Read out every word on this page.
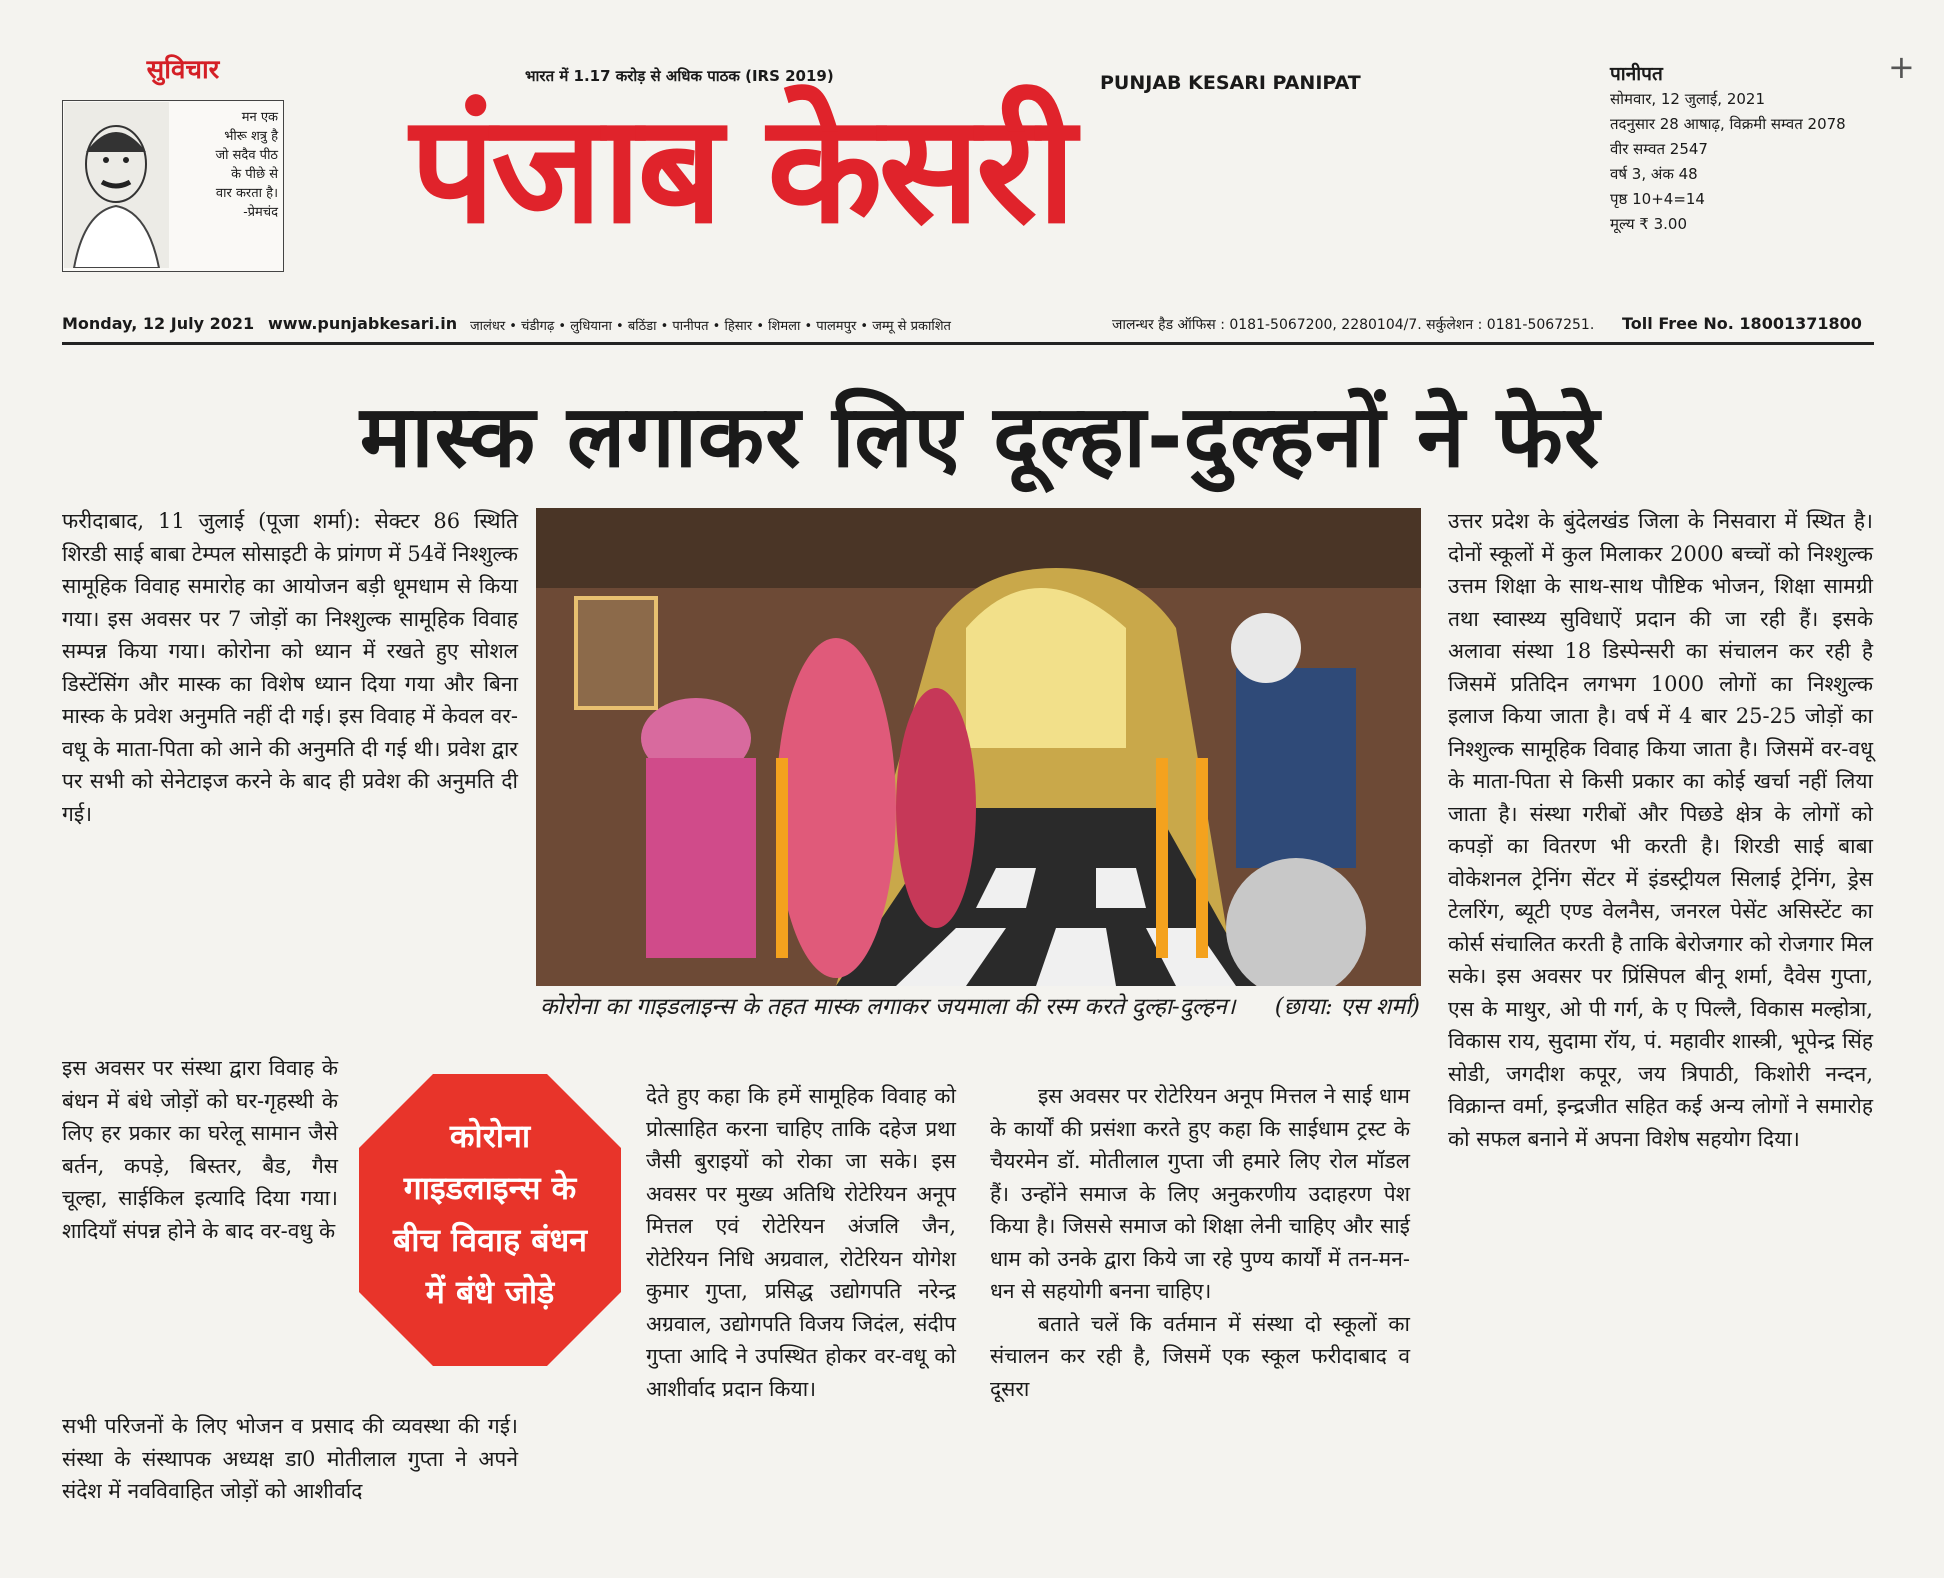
सुविचार
मन एक
भीरू शत्रु है
जो सदैव पीठ
के पीछे से
वार करता है।
-प्रेमचंद
भारत में 1.17 करोड़ से अधिक पाठक (IRS 2019)
पंजाब केसरी	PUNJAB KESARI PANIPAT	+
पानीपत
सोमवार, 12 जुलाई, 2021
तदनुसार 28 आषाढ़, विक्रमी सम्वत 2078
वीर सम्वत 2547
वर्ष 3, अंक 48
पृष्ठ 10+4=14
मूल्य ₹ 3.00
Monday, 12 July 2021 www.punjabkesari.in जालंधर • चंडीगढ़ • लुधियाना • बठिंडा • पानीपत • हिसार • शिमला • पालमपुर • जम्मू से प्रकाशित	जालन्धर हैड ऑफिस : 0181-5067200, 2280104/7. सर्कुलेशन : 0181-5067251. Toll Free No. 18001371800
मास्क लगाकर लिए दूल्हा-दुल्हनों ने फेरे

फरीदाबाद, 11 जुलाई (पूजा शर्मा): सेक्टर 86 स्थिति शिरडी साई बाबा टेम्पल सोसाइटी के प्रांगण में 54वें निश्शुल्क सामूहिक विवाह समारोह का आयोजन बड़ी धूमधाम से किया गया। इस अवसर पर 7 जोड़ों का निश्शुल्क सामूहिक विवाह सम्पन्न किया गया। कोरोना को ध्यान में रखते हुए सोशल डिस्टेंसिंग और मास्क का विशेष ध्यान दिया गया और बिना मास्क के प्रवेश अनुमति नहीं दी गई। इस विवाह में केवल वर-वधू के माता-पिता को आने की अनुमति दी गई थी। प्रवेश द्वार पर सभी को सेनेटाइज करने के बाद ही प्रवेश की अनुमति दी गई।

इस अवसर पर संस्था द्वारा विवाह के बंधन में बंधे जोड़ों को घर-गृहस्थी के लिए हर प्रकार का घरेलू सामान जैसे बर्तन, कपड़े, बिस्तर, बैड, गैस चूल्हा, साईकिल इत्यादि दिया गया। शादियाँ संपन्न होने के बाद वर-वधु के

सभी परिजनों के लिए भोजन व प्रसाद की व्यवस्था की गई। संस्था के संस्थापक अध्यक्ष डा0 मोतीलाल गुप्ता ने अपने संदेश में नवविवाहित जोड़ों को आशीर्वाद

कोरोना का गाइडलाइन्स के तहत मास्क लगाकर जयमाला की रस्म करते दुल्हा-दुल्हन। (छाया: एस शर्मा)
कोरोना
गाइडलाइन्स के
बीच विवाह बंधन
में बंधे जोड़े

देते हुए कहा कि हमें सामूहिक विवाह को प्रोत्साहित करना चाहिए ताकि दहेज प्रथा जैसी बुराइयों को रोका जा सके। इस अवसर पर मुख्य अतिथि रोटेरियन अनूप मित्तल एवं रोटेरियन अंजलि जैन, रोटेरियन निधि अग्रवाल, रोटेरियन योगेश कुमार गुप्ता, प्रसिद्ध उद्योगपति नरेन्द्र अग्रवाल, उद्योगपति विजय जिदंल, संदीप गुप्ता आदि ने उपस्थित होकर वर-वधू को आशीर्वाद प्रदान किया।

इस अवसर पर रोटेरियन अनूप मित्तल ने साई धाम के कार्यों की प्रसंशा करते हुए कहा कि साईधाम ट्रस्ट के चैयरमेन डॉ. मोतीलाल गुप्ता जी हमारे लिए रोल मॉडल हैं। उन्होंने समाज के लिए अनुकरणीय उदाहरण पेश किया है। जिससे समाज को शिक्षा लेनी चाहिए और साई धाम को उनके द्वारा किये जा रहे पुण्य कार्यों में तन-मन-धन से सहयोगी बनना चाहिए।

बताते चलें कि वर्तमान में संस्था दो स्कूलों का संचालन कर रही है, जिसमें एक स्कूल फरीदाबाद व दूसरा

उत्तर प्रदेश के बुंदेलखंड जिला के निसवारा में स्थित है। दोनों स्कूलों में कुल मिलाकर 2000 बच्चों को निश्शुल्क उत्तम शिक्षा के साथ-साथ पौष्टिक भोजन, शिक्षा सामग्री तथा स्वास्थ्य सुविधाऐं प्रदान की जा रही हैं। इसके अलावा संस्था 18 डिस्पेन्सरी का संचालन कर रही है जिसमें प्रतिदिन लगभग 1000 लोगों का निश्शुल्क इलाज किया जाता है। वर्ष में 4 बार 25-25 जोड़ों का निश्शुल्क सामूहिक विवाह किया जाता है। जिसमें वर-वधू के माता-पिता से किसी प्रकार का कोई खर्चा नहीं लिया जाता है। संस्था गरीबों और पिछडे क्षेत्र के लोगों को कपड़ों का वितरण भी करती है। शिरडी साई बाबा वोकेशनल ट्रेनिंग सेंटर में इंडस्ट्रीयल सिलाई ट्रेनिंग, ड्रेस टेलरिंग, ब्यूटी एण्ड वेलनैस, जनरल पेसेंट असिस्टेंट का कोर्स संचालित करती है ताकि बेरोजगार को रोजगार मिल सके। इस अवसर पर प्रिंसिपल बीनू शर्मा, दैवेस गुप्ता, एस के माथुर, ओ पी गर्ग, के ए पिल्लै, विकास मल्होत्रा, विकास राय, सुदामा रॉय, पं. महावीर शास्त्री, भूपेन्द्र सिंह सोडी, जगदीश कपूर, जय त्रिपाठी, किशोरी नन्दन, विक्रान्त वर्मा, इन्द्रजीत सहित कई अन्य लोगों ने समारोह को सफल बनाने में अपना विशेष सहयोग दिया।
